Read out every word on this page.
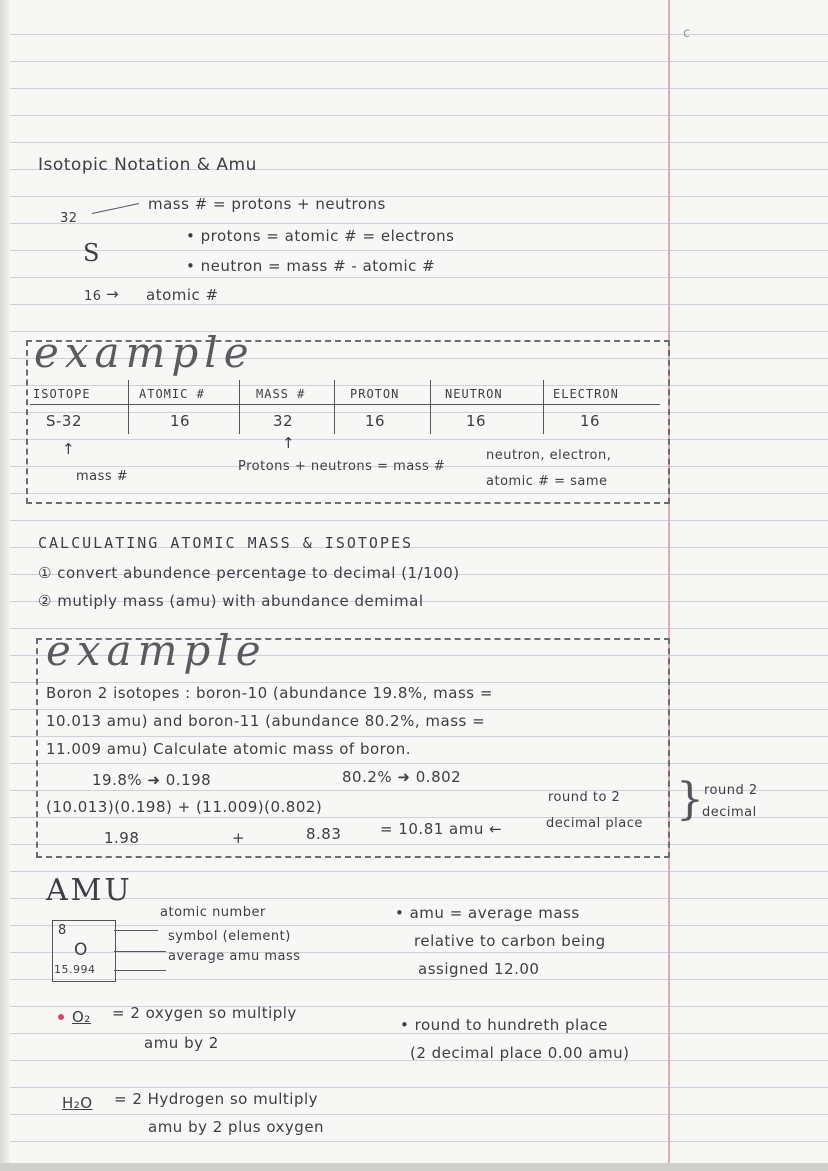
c
Isotopic Notation & Amu
32
S
16 →
mass # = protons + neutrons
• protons = atomic # = electrons
• neutron = mass # - atomic #
atomic #
example
ISOTOPE	ATOMIC #	MASS #	PROTON	NEUTRON	ELECTRON
S-32	16	32	16	16	16
↑
mass #
↑
Protons + neutrons = mass #
neutron, electron,
atomic # = same
CALCULATING ATOMIC MASS & ISOTOPES
① convert abundence percentage to decimal (1/100)
② mutiply mass (amu) with abundance demimal
example
Boron 2 isotopes : boron-10 (abundance 19.8%, mass =
10.013 amu) and boron-11 (abundance 80.2%, mass =
11.009 amu) Calculate atomic mass of boron.
19.8% ➜ 0.198	80.2% ➜ 0.802
(10.013)(0.198) + (11.009)(0.802)
round to 2
decimal place
1.98	+	8.83	= 10.81 amu ←
} round 2
decimal
AMU
8
O
15.994
atomic number
symbol (element)
average amu mass
• amu = average mass
relative to carbon being
assigned 12.00
O₂ = 2 oxygen so multiply
amu by 2
• round to hundreth place
(2 decimal place 0.00 amu)
H₂O = 2 Hydrogen so multiply
amu by 2 plus oxygen
